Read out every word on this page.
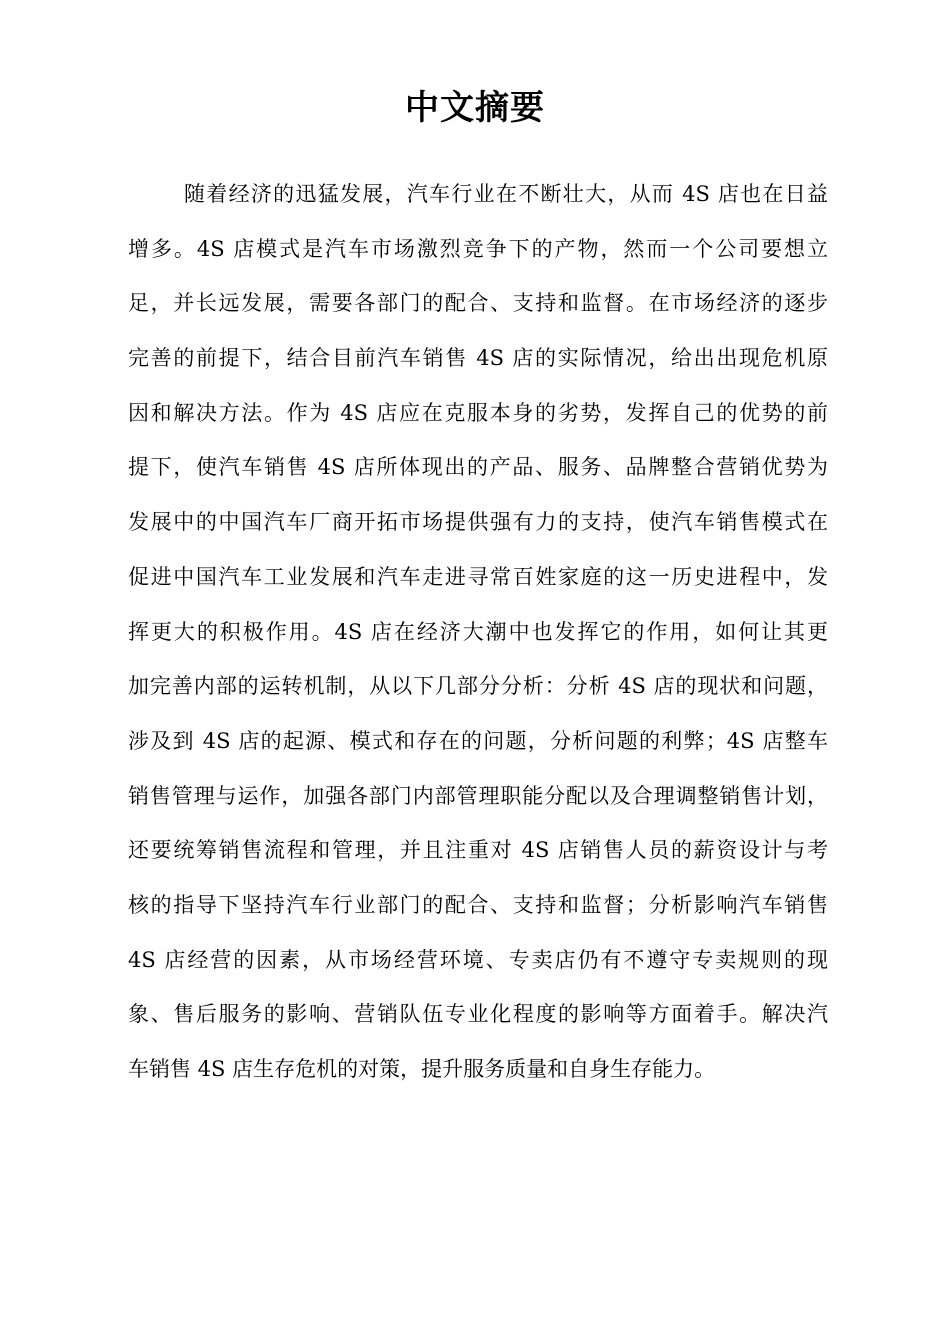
中文摘要
随着经济的迅猛发展，汽车行业在不断壮大，从而 4S 店也在日益
增多。4S 店模式是汽车市场激烈竞争下的产物，然而一个公司要想立
足，并长远发展，需要各部门的配合、支持和监督。在市场经济的逐步
完善的前提下，结合目前汽车销售 4S 店的实际情况，给出出现危机原
因和解决方法。作为 4S 店应在克服本身的劣势，发挥自己的优势的前
提下，使汽车销售 4S 店所体现出的产品、服务、品牌整合营销优势为
发展中的中国汽车厂商开拓市场提供强有力的支持，使汽车销售模式在
促进中国汽车工业发展和汽车走进寻常百姓家庭的这一历史进程中，发
挥更大的积极作用。4S 店在经济大潮中也发挥它的作用，如何让其更
加完善内部的运转机制，从以下几部分分析：分析 4S 店的现状和问题，
涉及到 4S 店的起源、模式和存在的问题，分析问题的利弊；4S 店整车
销售管理与运作，加强各部门内部管理职能分配以及合理调整销售计划，
还要统筹销售流程和管理，并且注重对 4S 店销售人员的薪资设计与考
核的指导下坚持汽车行业部门的配合、支持和监督；分析影响汽车销售
4S 店经营的因素，从市场经营环境、专卖店仍有不遵守专卖规则的现
象、售后服务的影响、营销队伍专业化程度的影响等方面着手。解决汽
车销售 4S 店生存危机的对策，提升服务质量和自身生存能力。
